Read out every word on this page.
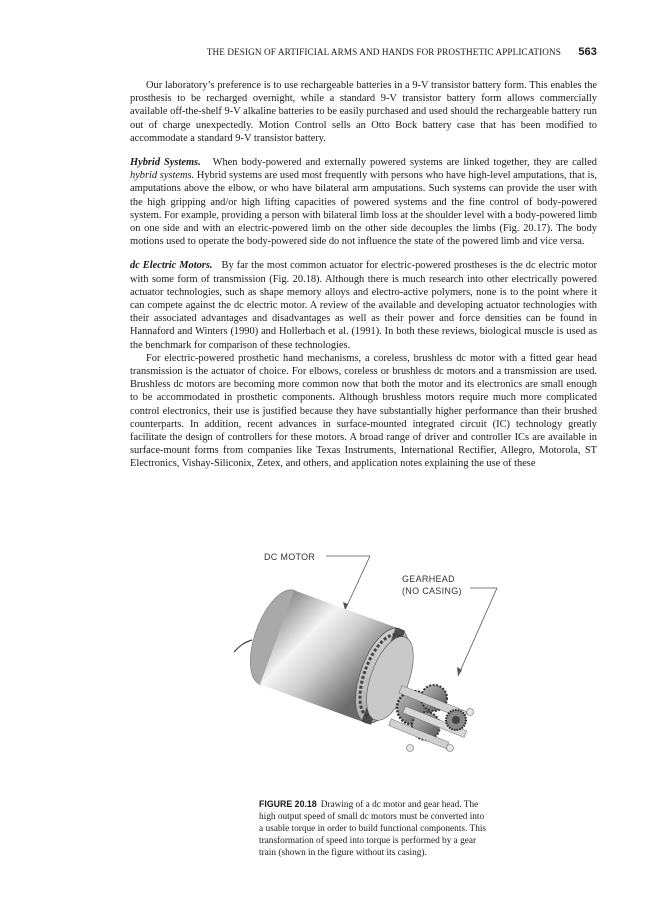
THE DESIGN OF ARTIFICIAL ARMS AND HANDS FOR PROSTHETIC APPLICATIONS 563

Our laboratory’s preference is to use rechargeable batteries in a 9-V transistor battery form. This enables the prosthesis to be recharged overnight, while a standard 9-V transistor battery form allows commercially available off-the-shelf 9-V alkaline batteries to be easily purchased and used should the rechargeable battery run out of charge unexpectedly. Motion Control sells an Otto Bock battery case that has been modified to accommodate a standard 9-V transistor battery.

Hybrid Systems. When body-powered and externally powered systems are linked together, they are called hybrid systems. Hybrid systems are used most frequently with persons who have high-level amputations, that is, amputations above the elbow, or who have bilateral arm amputations. Such systems can provide the user with the high gripping and/or high lifting capacities of powered systems and the fine control of body-powered system. For example, providing a person with bilateral limb loss at the shoulder level with a body-powered limb on one side and with an electric-powered limb on the other side decouples the limbs (Fig. 20.17). The body motions used to operate the body-powered side do not influence the state of the powered limb and vice versa.

dc Electric Motors. By far the most common actuator for electric-powered prostheses is the dc electric motor with some form of transmission (Fig. 20.18). Although there is much research into other electrically powered actuator technologies, such as shape memory alloys and electro-active polymers, none is to the point where it can compete against the dc electric motor. A review of the available and developing actuator technologies with their associated advantages and disadvantages as well as their power and force densities can be found in Hannaford and Winters (1990) and Hollerbach et al. (1991). In both these reviews, biological muscle is used as the benchmark for comparison of these technologies.

For electric-powered prosthetic hand mechanisms, a coreless, brushless dc motor with a fitted gear head transmission is the actuator of choice. For elbows, coreless or brushless dc motors and a transmission are used. Brushless dc motors are becoming more common now that both the motor and its electronics are small enough to be accommodated in prosthetic components. Although brushless motors require much more complicated control electronics, their use is justified because they have substantially higher performance than their brushed counterparts. In addition, recent advances in surface-mounted integrated circuit (IC) technology greatly facilitate the design of controllers for these motors. A broad range of driver and controller ICs are available in surface-mount forms from companies like Texas Instruments, International Rectifier, Allegro, Motorola, ST Electronics, Vishay-Siliconix, Zetex, and others, and application notes explaining the use of these

DC MOTOR
GEARHEAD
(NO CASING)
FIGURE 20.18 Drawing of a dc motor and gear head. The high output speed of small dc motors must be converted into a usable torque in order to build functional components. This transformation of speed into torque is performed by a gear train (shown in the figure without its casing).
